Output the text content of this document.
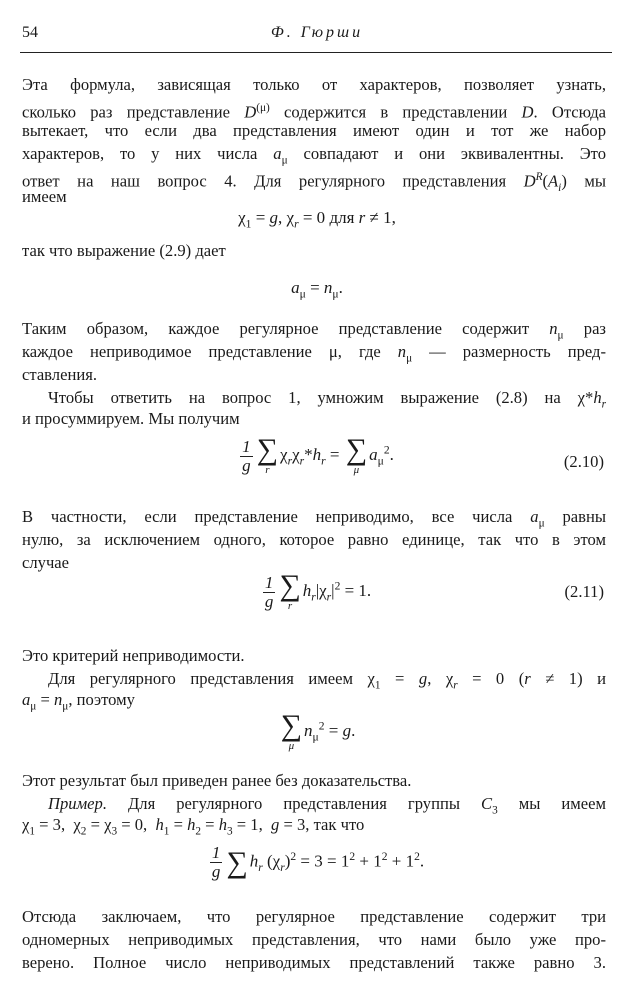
54	Ф. Гюрши
Эта формула, зависящая только от характеров, позволяет узнать,
сколько раз представление $D^{(\mu)}$ содержится в представлении D. Отсюда
вытекает, что если два представления имеют один и тот же набор
характеров, то у них числа $a_\mu$ совпадают и они эквивалентны. Это
ответ на наш вопрос 4. Для регулярного представления $D^R(A_i)$ мы
имеем
$\chi_1 = g$, $\chi_r = 0$ для r ≠ 1,
так что выражение (2.9) дает
$a_\mu = n_\mu$.
Таким образом, каждое регулярное представление содержит $n_\mu$ раз
каждое неприводимое представление μ, где $n_\mu$ — размерность пред-
ставления.
Чтобы ответить на вопрос 1, умножим выражение (2.8) на $\chi*h_r$
и просуммируем. Мы получим
$\frac{1}{g}$ ∑
r
$\chi_r\chi_r*h_r$ = ∑
μ
$a_\mu^2$.	(2.10)
В частности, если представление неприводимо, все числа $a_\mu$ равны
нулю, за исключением одного, которое равно единице, так что в этом
случае
$\frac{1}{g}$ ∑
r
$h_r|\chi_r|^2 = 1$.	(2.11)
Это критерий неприводимости.
Для регулярного представления имеем $\chi_1 = g$, $\chi_r = 0$ (r ≠ 1) и
$a_\mu = n_\mu$, поэтому
∑
μ
$n_\mu^2 = g$.
Этот результат был приведен ранее без доказательства.
Пример. Для регулярного представления группы $C_3$ мы имеем
$\chi_1 = 3$,  $\chi_2 = \chi_3 = 0$,  $h_1 = h_2 = h_3 = 1$,  g = 3, так что
$\frac{1}{g}$ ∑ $h_r$ $(\chi_r)^2 = 3 = 1^2 + 1^2 + 1^2$.
Отсюда заключаем, что регулярное представление содержит три
одномерных неприводимых представления, что нами было уже про-
верено. Полное число неприводимых представлений также равно 3.
